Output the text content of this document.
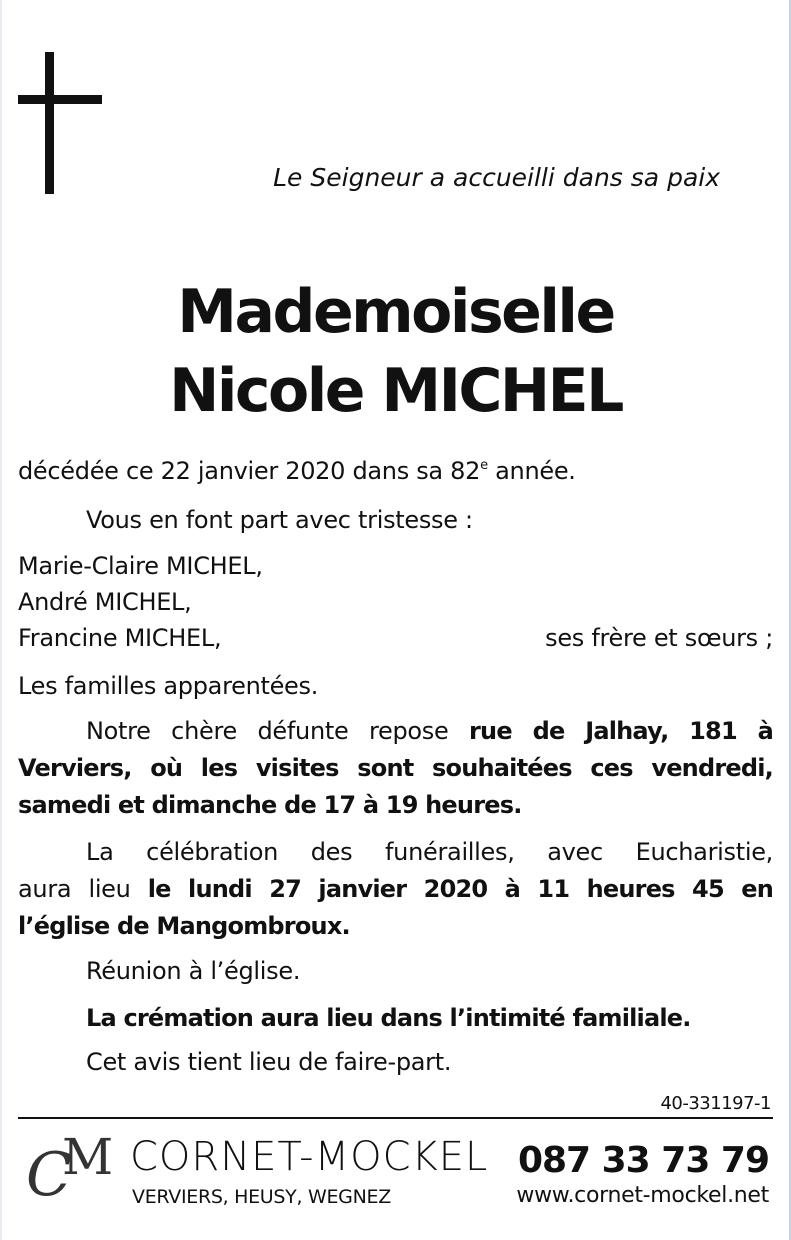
Le Seigneur a accueilli dans sa paix
Mademoiselle
Nicole MICHEL
décédée ce 22 janvier 2020 dans sa 82e année.
Vous en font part avec tristesse :
Marie-Claire MICHEL,
André MICHEL,
Francine MICHEL,	ses frère et sœurs ;
Les familles apparentées.
Notre chère défunte repose rue de Jalhay, 181 à
Verviers, où les visites sont souhaitées ces vendredi,
samedi et dimanche de 17 à 19 heures.
La célébration des funérailles, avec Eucharistie,
aura lieu le lundi 27 janvier 2020 à 11 heures 45 en
l’église de Mangombroux.
Réunion à l’église.
La crémation aura lieu dans l’intimité familiale.
Cet avis tient lieu de faire-part.
40-331197-1
C
M CORNET-MOCKEL 087 33 73 79
VERVIERS, HEUSY, WEGNEZ	www.cornet-mockel.net
